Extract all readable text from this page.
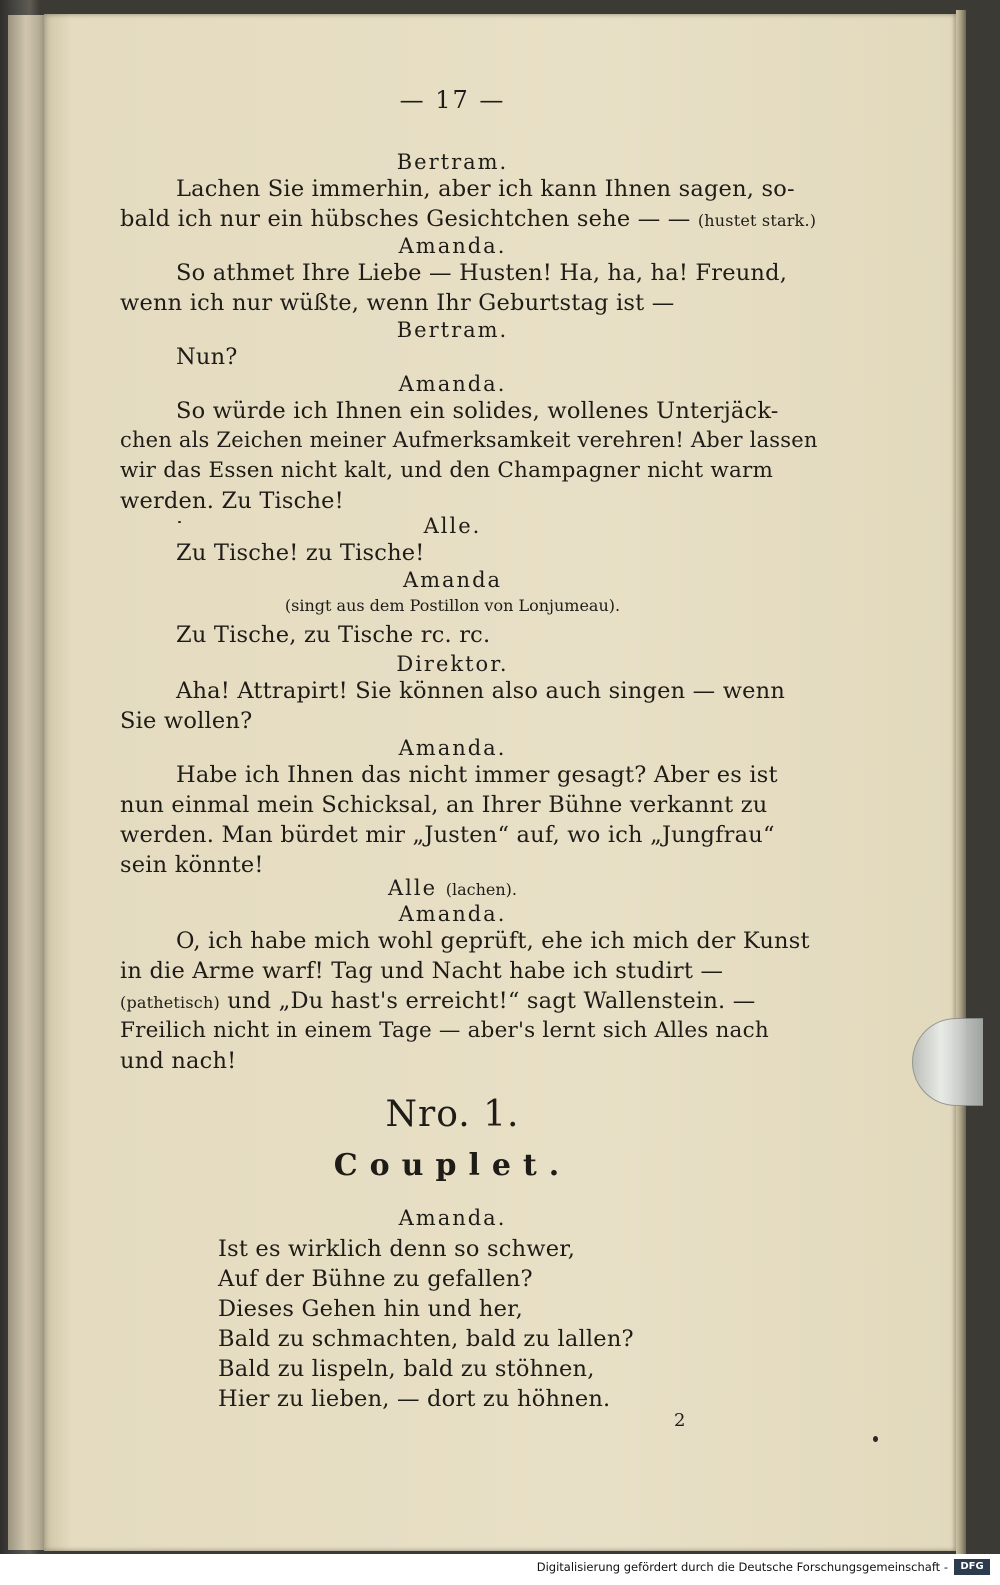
— 17 —
Bertram.
Lachen Sie immerhin, aber ich kann Ihnen sagen, so-
bald ich nur ein hübsches Gesichtchen sehe — — (hustet stark.)
Amanda.
So athmet Ihre Liebe — Husten! Ha, ha, ha! Freund,
wenn ich nur wüßte, wenn Ihr Geburtstag ist —
Bertram.
Nun?
Amanda.
So würde ich Ihnen ein solides, wollenes Unterjäck-
chen als Zeichen meiner Aufmerksamkeit verehren! Aber lassen
wir das Essen nicht kalt, und den Champagner nicht warm
werden. Zu Tische!
Alle.
Zu Tische! zu Tische!
Amanda
(singt aus dem Postillon von Lonjumeau).
Zu Tische, zu Tische rc. rc.
Direktor.
Aha! Attrapirt! Sie können also auch singen — wenn
Sie wollen?
Amanda.
Habe ich Ihnen das nicht immer gesagt? Aber es ist
nun einmal mein Schicksal, an Ihrer Bühne verkannt zu
werden. Man bürdet mir „Justen“ auf, wo ich „Jungfrau“
sein könnte!
Alle (lachen).
Amanda.
O, ich habe mich wohl geprüft, ehe ich mich der Kunst
in die Arme warf! Tag und Nacht habe ich studirt —
(pathetisch) und „Du hast's erreicht!“ sagt Wallenstein. —
Freilich nicht in einem Tage — aber's lernt sich Alles nach
und nach!
Nro. 1.
Couplet.
Amanda.
Ist es wirklich denn so schwer,
Auf der Bühne zu gefallen?
Dieses Gehen hin und her,
Bald zu schmachten, bald zu lallen?
Bald zu lispeln, bald zu stöhnen,
Hier zu lieben, — dort zu höhnen.
2
Digitalisierung gefördert durch die Deutsche Forschungsgemeinschaft -	DFG
